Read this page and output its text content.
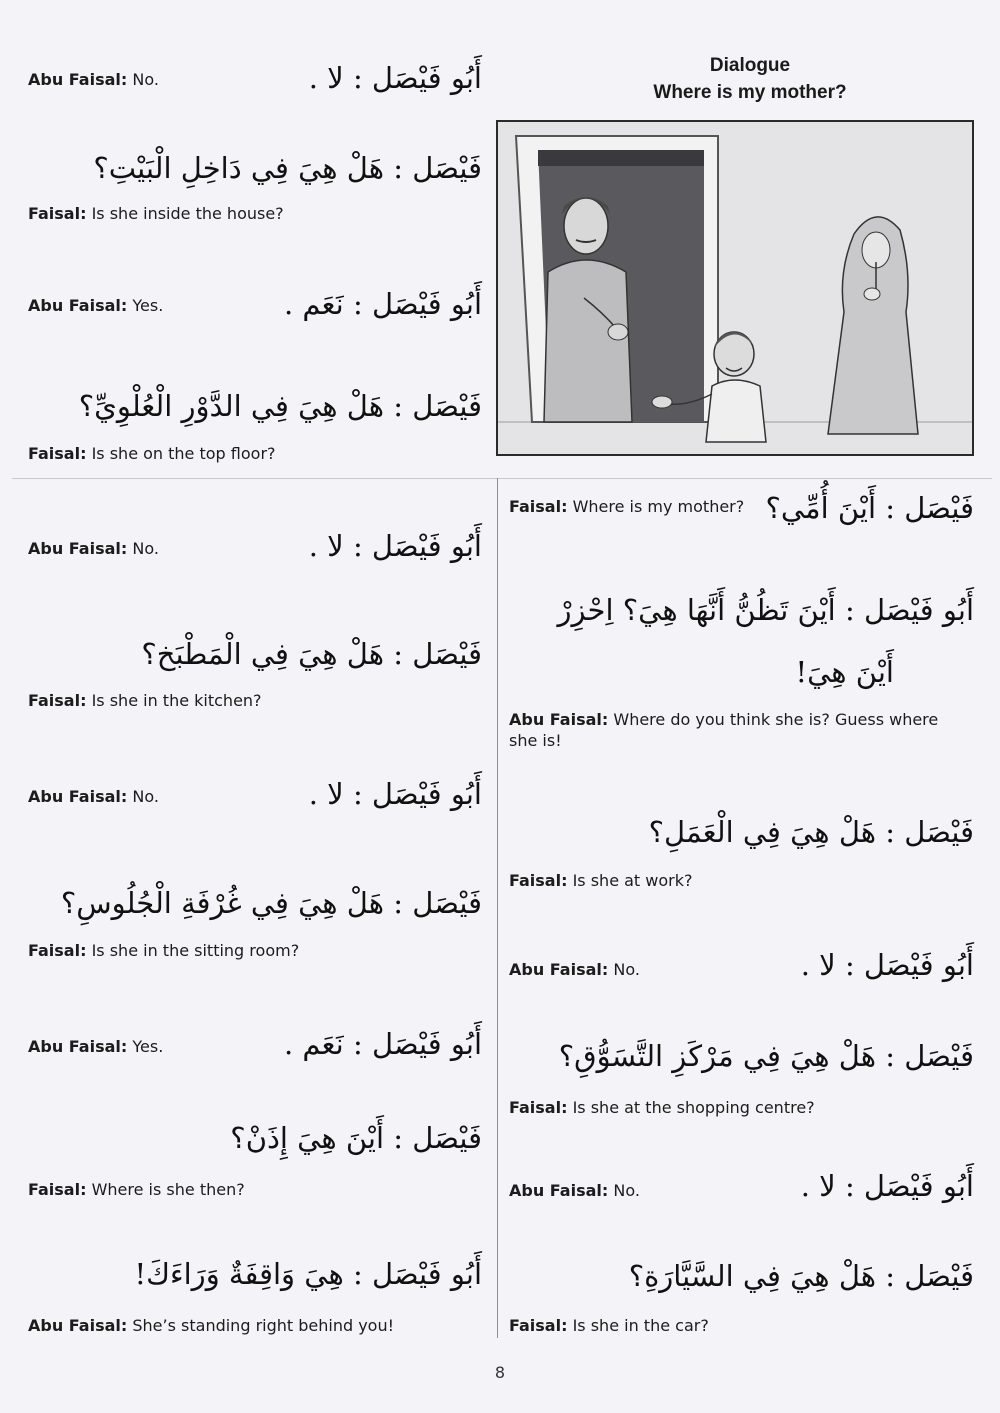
Dialogue
Where is my mother?
أَبُو فَيْصَل : لا .
Abu Faisal: No.
فَيْصَل : هَلْ هِيَ فِي دَاخِلِ الْبَيْتِ؟
Faisal: Is she inside the house?
أَبُو فَيْصَل : نَعَم .
Abu Faisal: Yes.
فَيْصَل : هَلْ هِيَ فِي الدَّوْرِ الْعُلْوِيِّ؟
Faisal: Is she on the top floor?
أَبُو فَيْصَل : لا .
Abu Faisal: No.
فَيْصَل : هَلْ هِيَ فِي الْمَطْبَخ؟
Faisal: Is she in the kitchen?
أَبُو فَيْصَل : لا .
Abu Faisal: No.
فَيْصَل : هَلْ هِيَ فِي غُرْفَةِ الْجُلُوسِ؟
Faisal: Is she in the sitting room?
أَبُو فَيْصَل : نَعَم .
Abu Faisal: Yes.
فَيْصَل : أَيْنَ هِيَ إِذَنْ؟
Faisal: Where is she then?
أَبُو فَيْصَل : هِيَ وَاقِفَةٌ وَرَاءَكَ!
Abu Faisal: She’s standing right behind you!
فَيْصَل : أَيْنَ أُمِّي؟
Faisal: Where is my mother?
أَبُو فَيْصَل : أَيْنَ تَظُنُّ أَنَّهَا هِيَ؟ اِحْزِرْ
أَيْنَ هِيَ!
Abu Faisal: Where do you think she is? Guess where she is!
فَيْصَل : هَلْ هِيَ فِي الْعَمَلِ؟
Faisal: Is she at work?
أَبُو فَيْصَل : لا .
Abu Faisal: No.
فَيْصَل : هَلْ هِيَ فِي مَرْكَزِ التَّسَوُّقِ؟
Faisal: Is she at the shopping centre?
أَبُو فَيْصَل : لا .
Abu Faisal: No.
فَيْصَل : هَلْ هِيَ فِي السَّيَّارَةِ؟
Faisal: Is she in the car?
8
